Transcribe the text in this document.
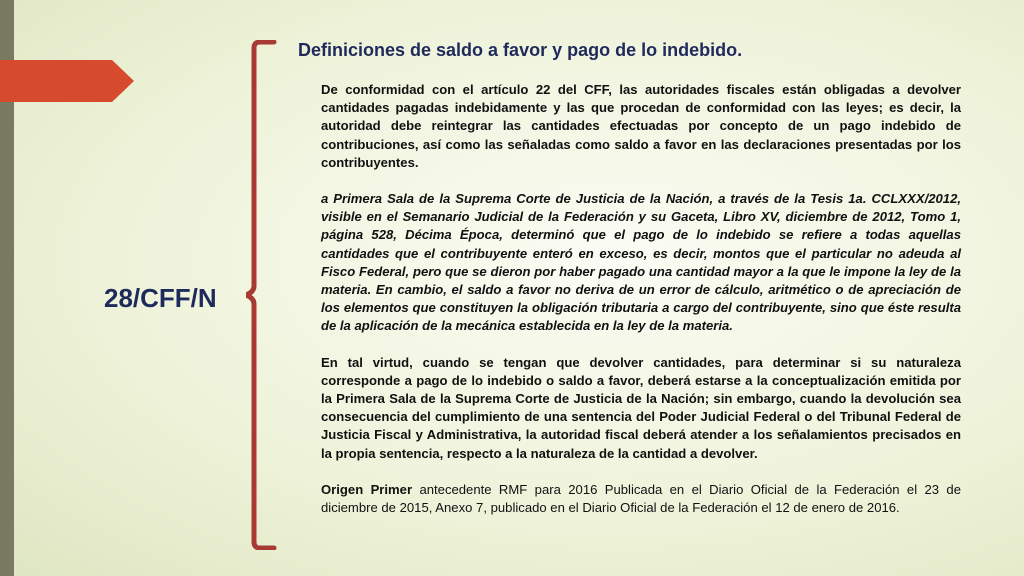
28/CFF/N
Definiciones de saldo a favor y pago de lo indebido.

De conformidad con el artículo 22 del CFF, las autoridades fiscales están obligadas a devolver cantidades pagadas indebidamente y las que procedan de conformidad con las leyes; es decir, la autoridad debe reintegrar las cantidades efectuadas por concepto de un pago indebido de contribuciones, así como las señaladas como saldo a favor en las declaraciones presentadas por los contribuyentes.

a Primera Sala de la Suprema Corte de Justicia de la Nación, a través de la Tesis 1a. CCLXXX/2012, visible en el Semanario Judicial de la Federación y su Gaceta, Libro XV, diciembre de 2012, Tomo 1, página 528, Décima Época, determinó que el pago de lo indebido se refiere a todas aquellas cantidades que el contribuyente enteró en exceso, es decir, montos que el particular no adeuda al Fisco Federal, pero que se dieron por haber pagado una cantidad mayor a la que le impone la ley de la materia. En cambio, el saldo a favor no deriva de un error de cálculo, aritmético o de apreciación de los elementos que constituyen la obligación tributaria a cargo del contribuyente, sino que éste resulta de la aplicación de la mecánica establecida en la ley de la materia.

En tal virtud, cuando se tengan que devolver cantidades, para determinar si su naturaleza corresponde a pago de lo indebido o saldo a favor, deberá estarse a la conceptualización emitida por la Primera Sala de la Suprema Corte de Justicia de la Nación; sin embargo, cuando la devolución sea consecuencia del cumplimiento de una sentencia del Poder Judicial Federal o del Tribunal Federal de Justicia Fiscal y Administrativa, la autoridad fiscal deberá atender a los señalamientos precisados en la propia sentencia, respecto a la naturaleza de la cantidad a devolver.

Origen Primer antecedente RMF para 2016 Publicada en el Diario Oficial de la Federación el 23 de diciembre de 2015, Anexo 7, publicado en el Diario Oficial de la Federación el 12 de enero de 2016.
